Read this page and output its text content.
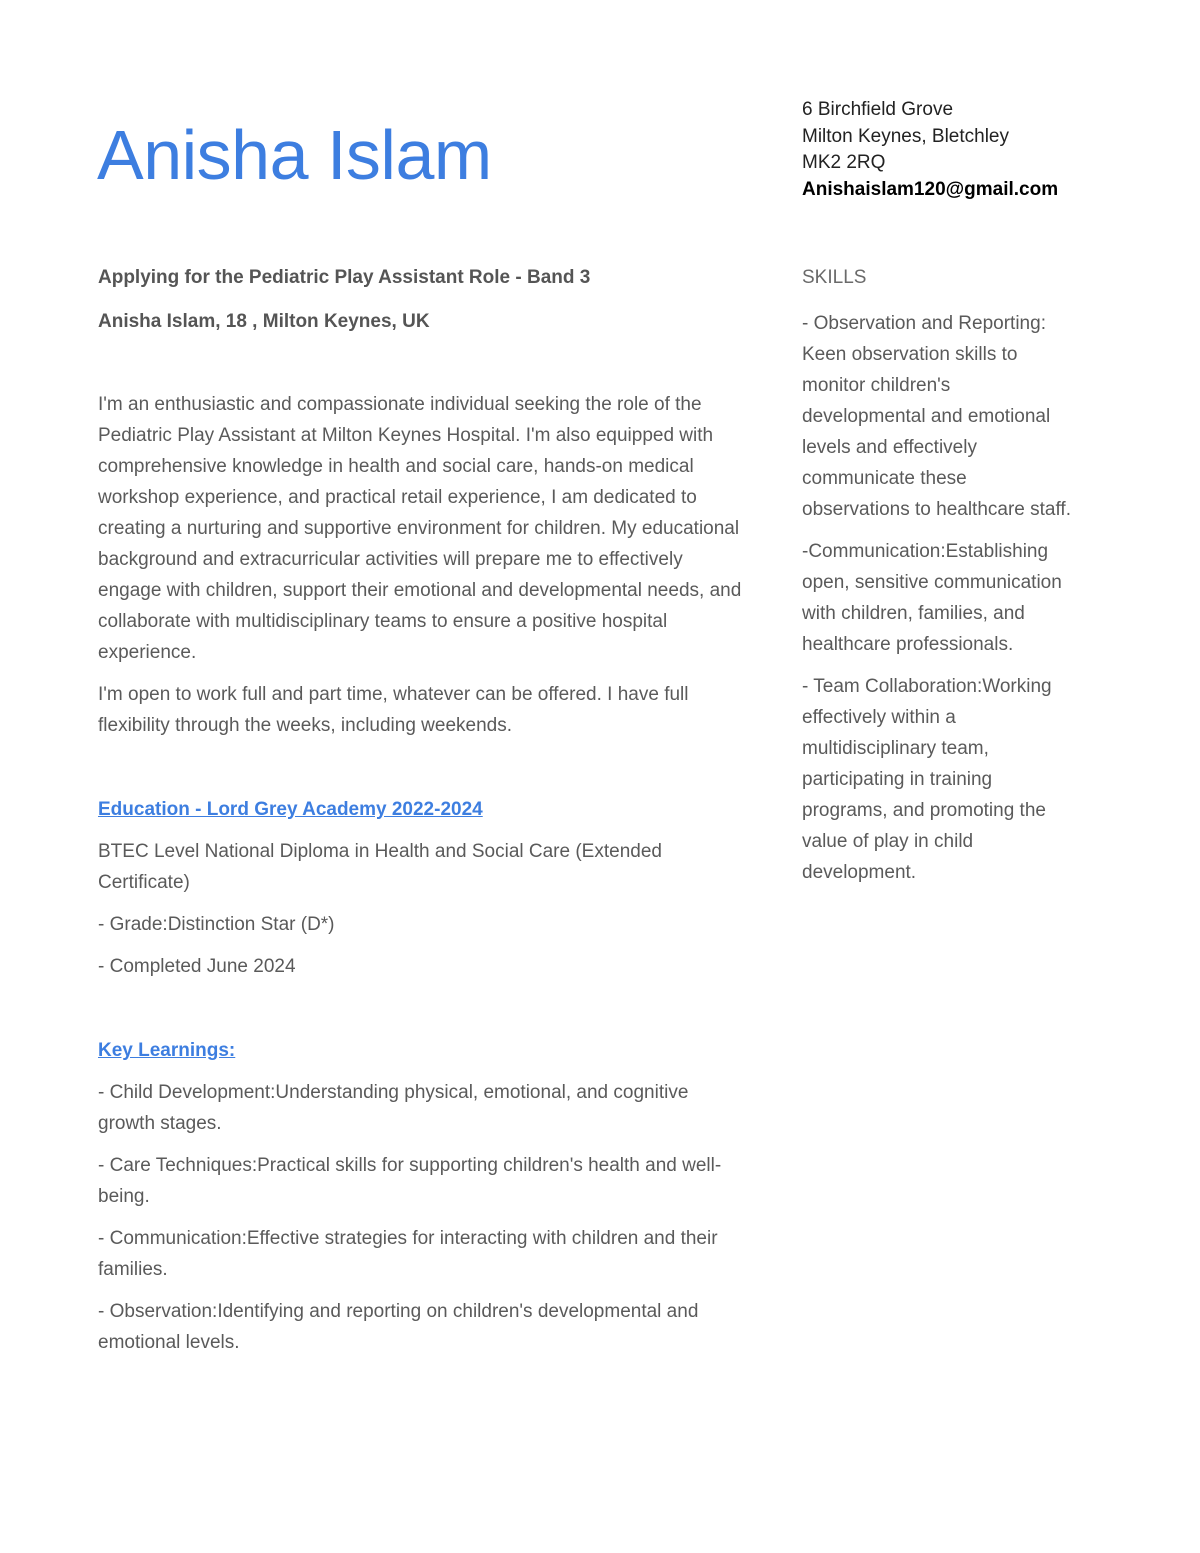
Anisha Islam
6 Birchfield Grove
Milton Keynes, Bletchley
MK2 2RQ
Anishaislam120@gmail.com

Applying for the Pediatric Play Assistant Role - Band 3

Anisha Islam, 18 , Milton Keynes, UK

I'm an enthusiastic and compassionate individual seeking the role of the Pediatric Play Assistant at Milton Keynes Hospital. I'm also equipped with comprehensive knowledge in health and social care, hands-on medical workshop experience, and practical retail experience, I am dedicated to creating a nurturing and supportive environment for children. My educational background and extracurricular activities will prepare me to effectively engage with children, support their emotional and developmental needs, and collaborate with multidisciplinary teams to ensure a positive hospital experience.

I'm open to work full and part time, whatever can be offered. I have full flexibility through the weeks, including weekends.

Education - Lord Grey Academy 2022-2024

BTEC Level National Diploma in Health and Social Care (Extended Certificate)

- Grade:Distinction Star (D*)

- Completed June 2024

Key Learnings:

- Child Development:Understanding physical, emotional, and cognitive growth stages.

- Care Techniques:Practical skills for supporting children's health and well-being.

- Communication:Effective strategies for interacting with children and their families.

- Observation:Identifying and reporting on children's developmental and emotional levels.

SKILLS

- Observation and Reporting: Keen observation skills to monitor children's developmental and emotional levels and effectively communicate these observations to healthcare staff.

-Communication:Establishing open, sensitive communication with children, families, and healthcare professionals.

- Team Collaboration:Working effectively within a multidisciplinary team, participating in training programs, and promoting the value of play in child development.
